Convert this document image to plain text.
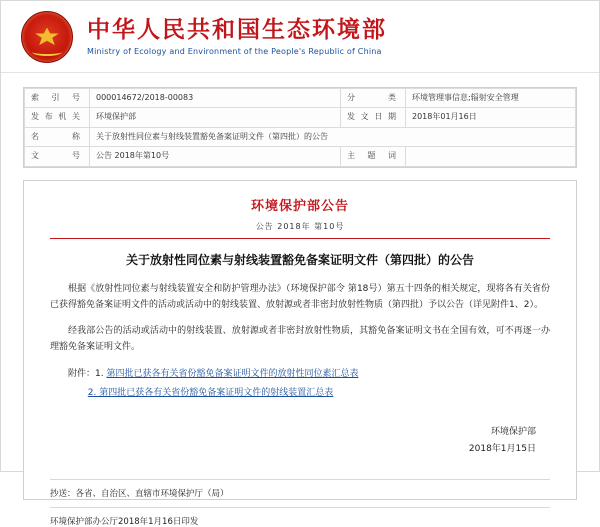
中华人民共和国生态环境部
Ministry of Ecology and Environment of the People's Republic of China
索引号	000014672/2018-00083	分类	环境管理事信息;辐射安全管理
发布机关	环境保护部	发文日期	2018年01月16日
名称	关于放射性同位素与射线装置豁免备案证明文件（第四批）的公告		
文号	公告 2018年第10号	主题词	
环境保护部公告
公告 2018年 第10号
关于放射性同位素与射线装置豁免备案证明文件（第四批）的公告

根据《放射性同位素与射线装置安全和防护管理办法》（环境保护部令 第18号）第五十四条的相关规定，现将各有关省份已获得豁免备案证明文件的活动或活动中的射线装置、放射源或者非密封放射性物质（第四批）予以公告（详见附件1、2）。

经我部公告的活动或活动中的射线装置、放射源或者非密封放射性物质，其豁免备案证明文书在全国有效，可不再逐一办理豁免备案证明文件。

附件：1. 第四批已获各有关省份豁免备案证明文件的放射性同位素汇总表
2. 第四批已获各有关省份豁免备案证明文件的射线装置汇总表
环境保护部
2018年1月15日
抄送：各省、自治区、直辖市环境保护厅（局）
环境保护部办公厅2018年1月16日印发
